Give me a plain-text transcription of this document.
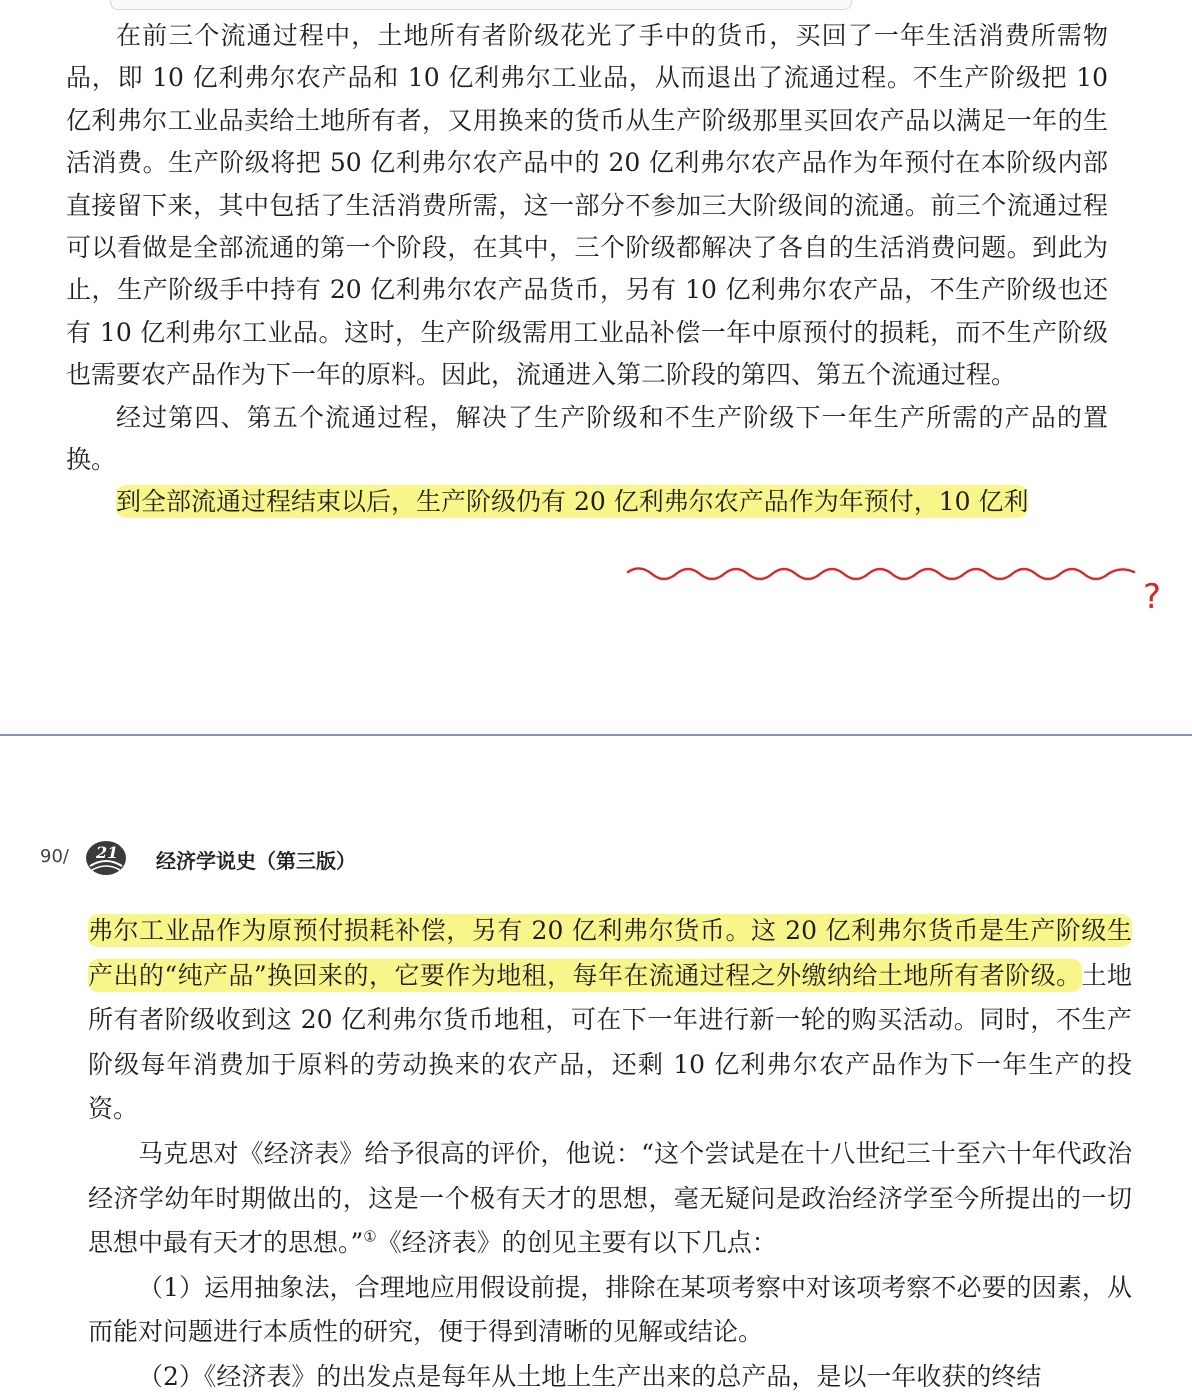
在前三个流通过程中，土地所有者阶级花光了手中的货币，买回了一年生活消费所需物品，即 10 亿利弗尔农产品和 10 亿利弗尔工业品，从而退出了流通过程。不生产阶级把 10 亿利弗尔工业品卖给土地所有者，又用换来的货币从生产阶级那里买回农产品以满足一年的生活消费。生产阶级将把 50 亿利弗尔农产品中的 20 亿利弗尔农产品作为年预付在本阶级内部直接留下来，其中包括了生活消费所需，这一部分不参加三大阶级间的流通。前三个流通过程可以看做是全部流通的第一个阶段，在其中，三个阶级都解决了各自的生活消费问题。到此为止，生产阶级手中持有 20 亿利弗尔农产品货币，另有 10 亿利弗尔农产品，不生产阶级也还有 10 亿利弗尔工业品。这时，生产阶级需用工业品补偿一年中原预付的损耗，而不生产阶级也需要农产品作为下一年的原料。因此，流通进入第二阶段的第四、第五个流通过程。

经过第四、第五个流通过程，解决了生产阶级和不生产阶级下一年生产所需的产品的置换。

到全部流通过程结束以后，生产阶级仍有 20 亿利弗尔农产品作为年预付，10 亿利

?
90/ 21 经济学说史（第三版）

弗尔工业品作为原预付损耗补偿，另有 20 亿利弗尔货币。这 20 亿利弗尔货币是生产阶级生产出的“纯产品”换回来的，它要作为地租，每年在流通过程之外缴纳给土地所有者阶级。土地所有者阶级收到这 20 亿利弗尔货币地租，可在下一年进行新一轮的购买活动。同时，不生产阶级每年消费加于原料的劳动换来的农产品，还剩 10 亿利弗尔农产品作为下一年生产的投资。

马克思对《经济表》给予很高的评价，他说：“这个尝试是在十八世纪三十至六十年代政治经济学幼年时期做出的，这是一个极有天才的思想，毫无疑问是政治经济学至今所提出的一切思想中最有天才的思想。”①《经济表》的创见主要有以下几点：

（1）运用抽象法，合理地应用假设前提，排除在某项考察中对该项考察不必要的因素，从而能对问题进行本质性的研究，便于得到清晰的见解或结论。

（2）《经济表》的出发点是每年从土地上生产出来的总产品，是以一年收获的终结
